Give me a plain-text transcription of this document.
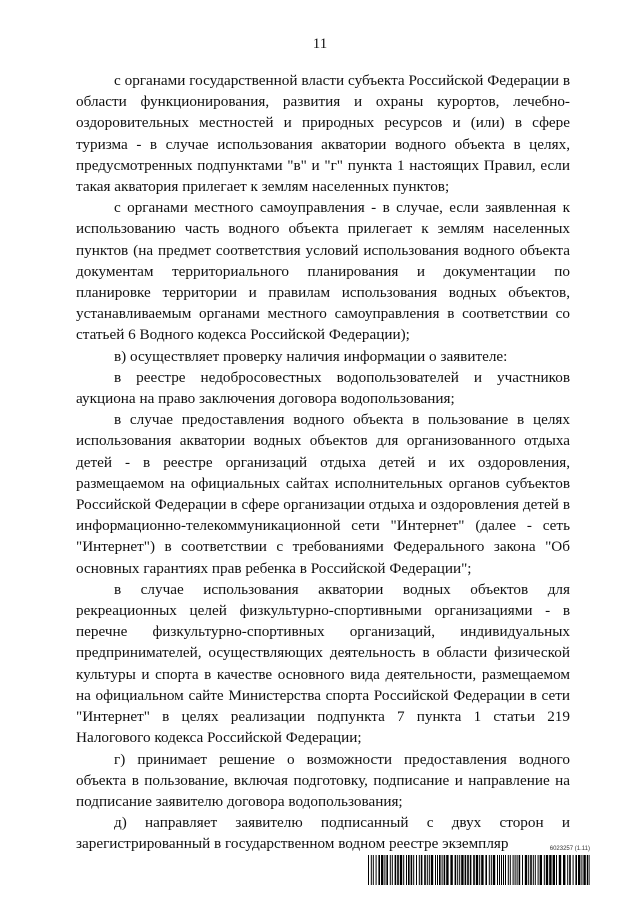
11

с органами государственной власти субъекта Российской Федерации в области функционирования, развития и охраны курортов, лечебно-оздоровительных местностей и природных ресурсов и (или) в сфере туризма - в случае использования акватории водного объекта в целях, предусмотренных подпунктами "в" и "г" пункта 1 настоящих Правил, если такая акватория прилегает к землям населенных пунктов;

с органами местного самоуправления - в случае, если заявленная к использованию часть водного объекта прилегает к землям населенных пунктов (на предмет соответствия условий использования водного объекта документам территориального планирования и документации по планировке территории и правилам использования водных объектов, устанавливаемым органами местного самоуправления в соответствии со статьей 6 Водного кодекса Российской Федерации);

в) осуществляет проверку наличия информации о заявителе:

в реестре недобросовестных водопользователей и участников аукциона на право заключения договора водопользования;

в случае предоставления водного объекта в пользование в целях использования акватории водных объектов для организованного отдыха детей - в реестре организаций отдыха детей и их оздоровления, размещаемом на официальных сайтах исполнительных органов субъектов Российской Федерации в сфере организации отдыха и оздоровления детей в информационно-телекоммуникационной сети "Интернет" (далее - сеть "Интернет") в соответствии с требованиями Федерального закона "Об основных гарантиях прав ребенка в Российской Федерации";

в случае использования акватории водных объектов для рекреационных целей физкультурно-спортивными организациями - в перечне физкультурно-спортивных организаций, индивидуальных предпринимателей, осуществляющих деятельность в области физической культуры и спорта в качестве основного вида деятельности, размещаемом на официальном сайте Министерства спорта Российской Федерации в сети "Интернет" в целях реализации подпункта 7 пункта 1 статьи 219 Налогового кодекса Российской Федерации;

г) принимает решение о возможности предоставления водного объекта в пользование, включая подготовку, подписание и направление на подписание заявителю договора водопользования;

д) направляет заявителю подписанный с двух сторон и зарегистрированный в государственном водном реестре экземпляр	6023257 (1.11)
